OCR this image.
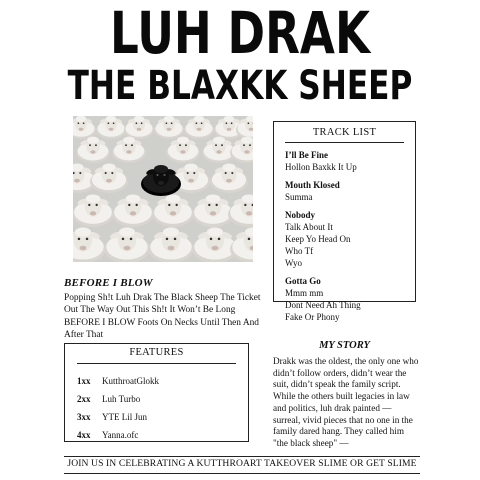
LUH DRAK
THE BLAXKK SHEEP
BEFORE I BLOW
Popping Sh!t Luh Drak The Black Sheep The Ticket Out The Way Out This Sh!t It Won’t Be Long BEFORE I BLOW Foots On Necks Until Then And After That
TRACK LIST
I’ll Be Fine
Hollon Baxkk It Up
Mouth Klosed
Summa
Nobody
Talk About It
Keep Yo Head On
Who Tf
Wyo
Gotta Go
Mmm mm
Dont Need Ah Thing
Fake Or Phony
FEATURES
1xx	KutthroatGlokk
2xx	Luh Turbo
3xx	YTE Lil Jun
4xx	Yanna.ofc
MY STORY
Drakk was the oldest, the only one who didn’t follow orders, didn’t wear the suit, didn’t speak the family script. While the others built legacies in law and politics, luh drak painted — surreal, vivid pieces that no one in the family dared hang. They called him "the black sheep" —
JOIN US IN CELEBRATING A KUTTHROART TAKEOVER SLIME OR GET SLIME
